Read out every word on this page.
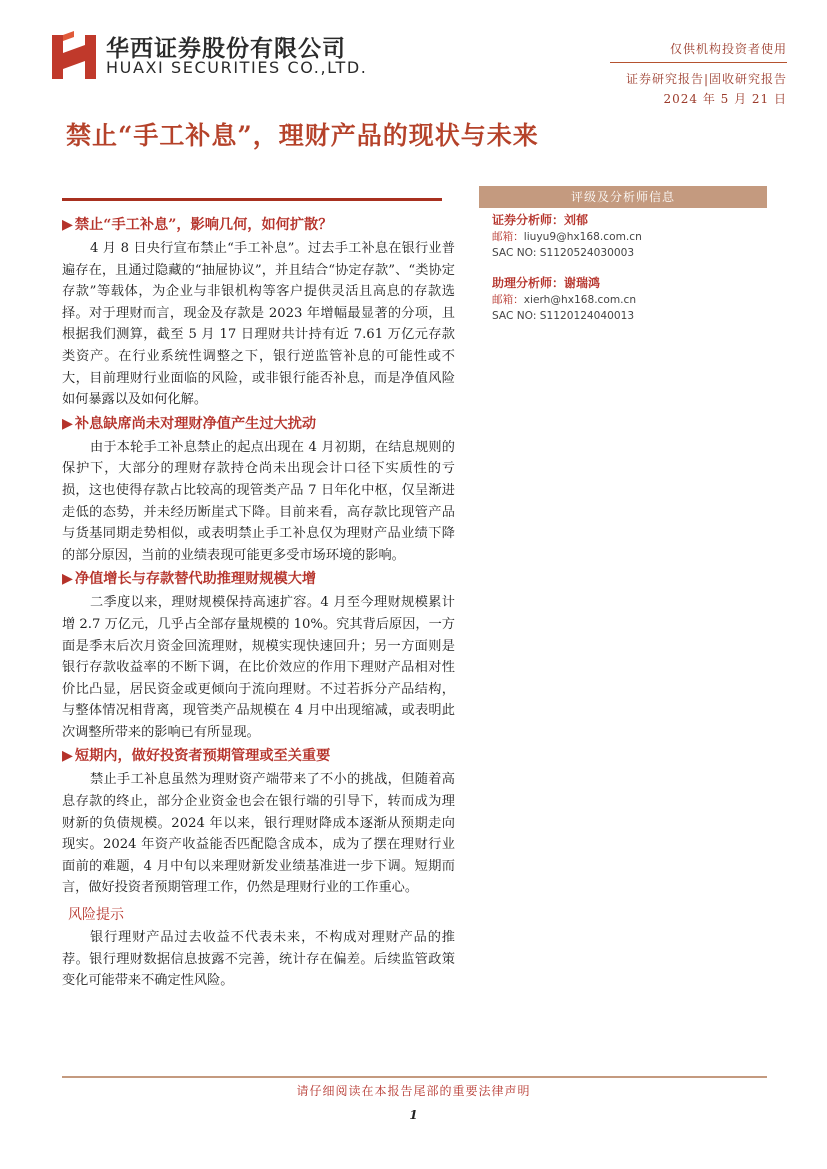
华西证券股份有限公司
HUAXI SECURITIES CO.,LTD.
仅供机构投资者使用
证券研究报告|固收研究报告
2024 年 5 月 21 日
禁止“手工补息”，理财产品的现状与未来
▶ 禁止“手工补息”，影响几何，如何扩散？

4 月 8 日央行宣布禁止“手工补息”。过去手工补息在银行业普遍存在，且通过隐藏的“抽屉协议”，并且结合“协定存款”、“类协定存款”等载体，为企业与非银机构等客户提供灵活且高息的存款选择。对于理财而言，现金及存款是 2023 年增幅最显著的分项，且根据我们测算，截至 5 月 17 日理财共计持有近 7.61 万亿元存款类资产。在行业系统性调整之下，银行逆监管补息的可能性或不大，目前理财行业面临的风险，或非银行能否补息，而是净值风险如何暴露以及如何化解。

▶ 补息缺席尚未对理财净值产生过大扰动

由于本轮手工补息禁止的起点出现在 4 月初期，在结息规则的保护下，大部分的理财存款持仓尚未出现会计口径下实质性的亏损，这也使得存款占比较高的现管类产品 7 日年化中枢，仅呈渐进走低的态势，并未经历断崖式下降。目前来看，高存款比现管产品与货基同期走势相似，或表明禁止手工补息仅为理财产品业绩下降的部分原因，当前的业绩表现可能更多受市场环境的影响。

▶ 净值增长与存款替代助推理财规模大增

二季度以来，理财规模保持高速扩容。4 月至今理财规模累计增 2.7 万亿元，几乎占全部存量规模的 10%。究其背后原因，一方面是季末后次月资金回流理财，规模实现快速回升；另一方面则是银行存款收益率的不断下调，在比价效应的作用下理财产品相对性价比凸显，居民资金或更倾向于流向理财。不过若拆分产品结构，与整体情况相背离，现管类产品规模在 4 月中出现缩减，或表明此次调整所带来的影响已有所显现。

▶ 短期内，做好投资者预期管理或至关重要

禁止手工补息虽然为理财资产端带来了不小的挑战，但随着高息存款的终止，部分企业资金也会在银行端的引导下，转而成为理财新的负债规模。2024 年以来，银行理财降成本逐渐从预期走向现实。2024 年资产收益能否匹配隐含成本，成为了摆在理财行业面前的难题，4 月中旬以来理财新发业绩基准进一步下调。短期而言，做好投资者预期管理工作，仍然是理财行业的工作重心。

风险提示

银行理财产品过去收益不代表未来，不构成对理财产品的推荐。银行理财数据信息披露不完善，统计存在偏差。后续监管政策变化可能带来不确定性风险。

评级及分析师信息
证券分析师：刘郁
邮箱：liuyu9@hx168.com.cn
SAC NO: S1120524030003
助理分析师：谢瑞鸿
邮箱：xierh@hx168.com.cn
SAC NO: S1120124040013
请仔细阅读在本报告尾部的重要法律声明
1
